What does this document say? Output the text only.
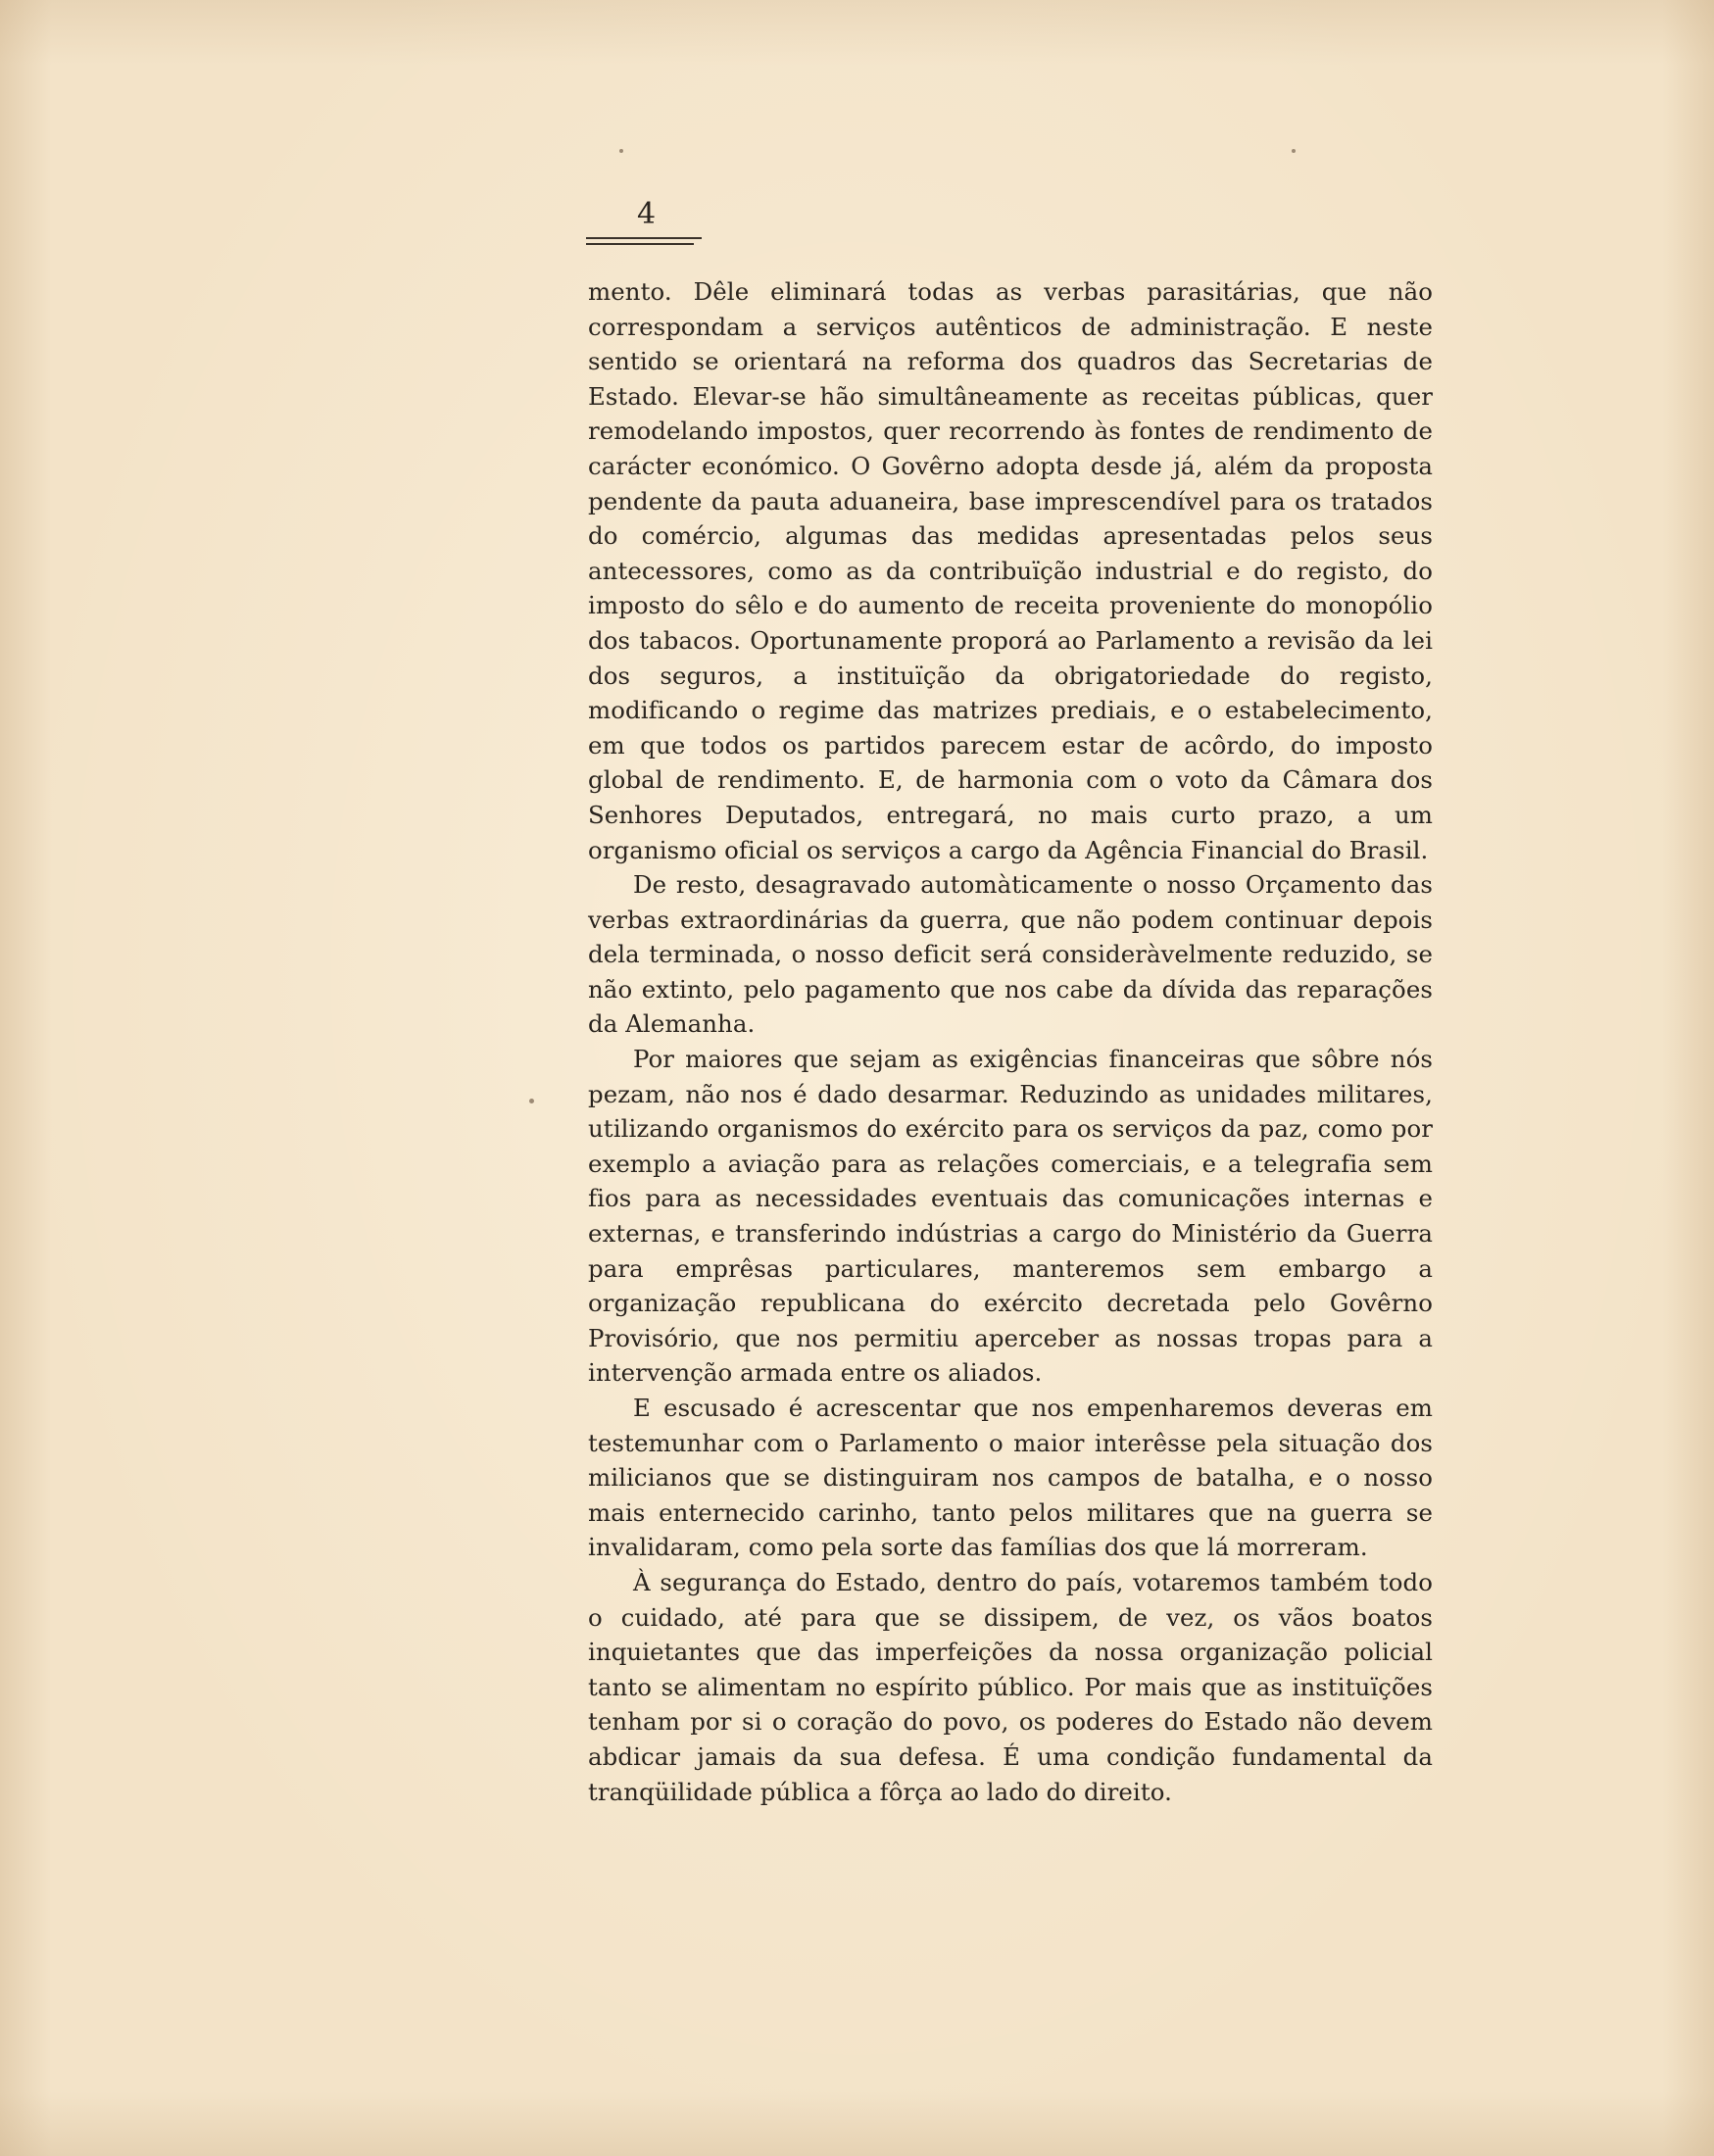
4

mento. Dêle eliminará todas as verbas parasitárias, que não correspondam a serviços autênticos de administração. E neste sentido se orientará na reforma dos quadros das Secretarias de Estado. Elevar-se hão simultâneamente as receitas públicas, quer remodelando impostos, quer recorrendo às fontes de rendimento de carácter económico. O Govêrno adopta desde já, além da proposta pendente da pauta aduaneira, base imprescendível para os tratados do comércio, algumas das medidas apresentadas pelos seus antecessores, como as da contribuïção industrial e do registo, do imposto do sêlo e do aumento de receita proveniente do monopólio dos tabacos. Oportunamente proporá ao Parlamento a revisão da lei dos seguros, a instituïção da obrigatoriedade do registo, modificando o regime das matrizes prediais, e o estabelecimento, em que todos os partidos parecem estar de acôrdo, do imposto global de rendimento. E, de harmonia com o voto da Câmara dos Senhores Deputados, entregará, no mais curto prazo, a um organismo oficial os serviços a cargo da Agência Financial do Brasil.

De resto, desagravado automàticamente o nosso Orçamento das verbas extraordinárias da guerra, que não podem continuar depois dela terminada, o nosso deficit será consideràvelmente reduzido, se não extinto, pelo pagamento que nos cabe da dívida das reparações da Alemanha.

Por maiores que sejam as exigências financeiras que sôbre nós pezam, não nos é dado desarmar. Reduzindo as unidades militares, utilizando organismos do exército para os serviços da paz, como por exemplo a aviação para as relações comerciais, e a telegrafia sem fios para as necessidades eventuais das comunicações internas e externas, e transferindo indústrias a cargo do Ministério da Guerra para emprêsas particulares, manteremos sem embargo a organização republicana do exército decretada pelo Govêrno Provisório, que nos permitiu aperceber as nossas tropas para a intervenção armada entre os aliados.

E escusado é acrescentar que nos empenharemos deveras em testemunhar com o Parlamento o maior interêsse pela situação dos milicianos que se distinguiram nos campos de batalha, e o nosso mais enternecido carinho, tanto pelos militares que na guerra se invalidaram, como pela sorte das famílias dos que lá morreram.

À segurança do Estado, dentro do país, votaremos também todo o cuidado, até para que se dissipem, de vez, os vãos boatos inquietantes que das imperfeições da nossa organização policial tanto se alimentam no espírito público. Por mais que as instituïções tenham por si o coração do povo, os poderes do Estado não devem abdicar jamais da sua defesa. É uma condição fundamental da tranqüilidade pública a fôrça ao lado do direito.
